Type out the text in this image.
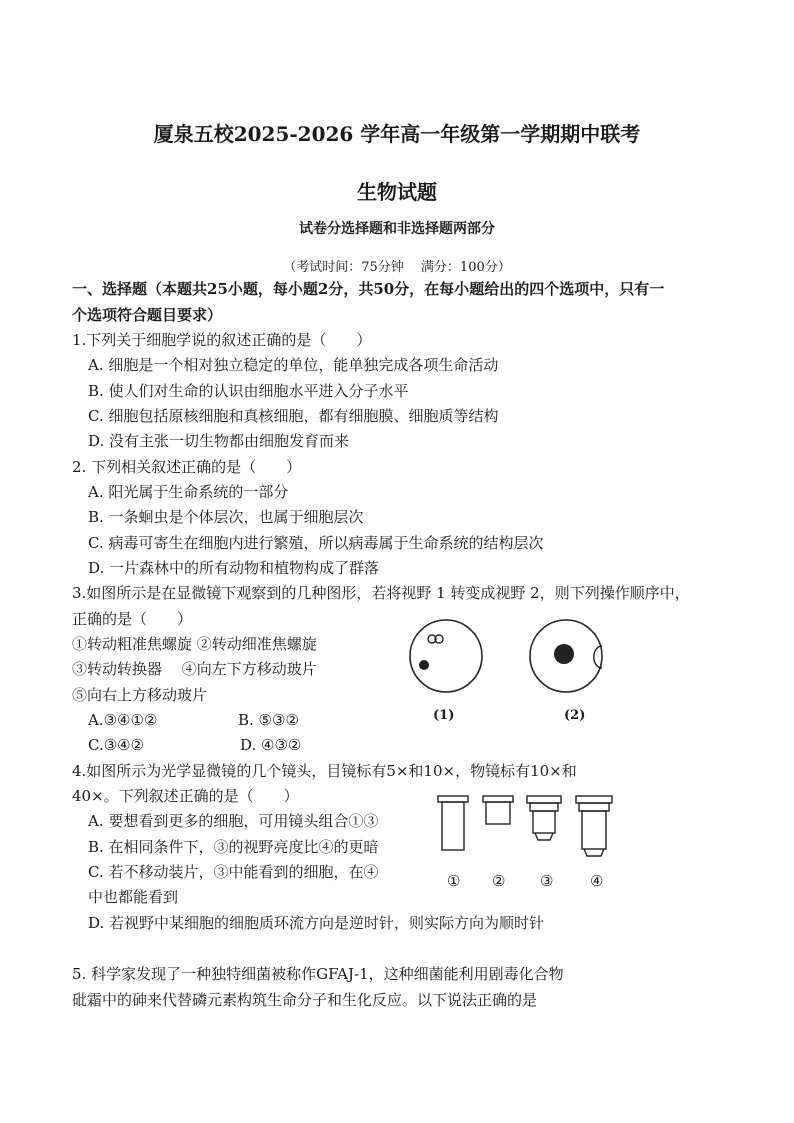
厦泉五校2025-2026 学年高一年级第一学期期中联考
生物试题
试卷分选择题和非选择题两部分
（考试时间：75分钟　 满分：100分）
一、选择题（本题共25小题，每小题2分，共50分，在每小题给出的四个选项中，只有一
个选项符合题目要求）
1.下列关于细胞学说的叙述正确的是（　　）
A. 细胞是一个相对独立稳定的单位，能单独完成各项生命活动
B. 使人们对生命的认识由细胞水平进入分子水平
C. 细胞包括原核细胞和真核细胞，都有细胞膜、细胞质等结构
D. 没有主张一切生物都由细胞发育而来
2. 下列相关叙述正确的是（　　）
A. 阳光属于生命系统的一部分
B. 一条蛔虫是个体层次，也属于细胞层次
C. 病毒可寄生在细胞内进行繁殖，所以病毒属于生命系统的结构层次
D. 一片森林中的所有动物和植物构成了群落
3.如图所示是在显微镜下观察到的几种图形，若将视野 1 转变成视野 2，则下列操作顺序中，
正确的是（　　）
①转动粗准焦螺旋 ②转动细准焦螺旋
③转动转换器　 ④向左下方移动玻片
⑤向右上方移动玻片
A.③④①②	B. ⑤③②
C.③④②	D. ④③②
(1)	(2)
4.如图所示为光学显微镜的几个镜头，目镜标有5×和10×，物镜标有10×和
40×。下列叙述正确的是（　　）
A. 要想看到更多的细胞，可用镜头组合①③
B. 在相同条件下，③的视野亮度比④的更暗
C. 若不移动装片，③中能看到的细胞，在④
中也都能看到
D. 若视野中某细胞的细胞质环流方向是逆时针，则实际方向为顺时针
① ② ③ ④
5. 科学家发现了一种独特细菌被称作GFAJ-1，这种细菌能利用剧毒化合物
砒霜中的砷来代替磷元素构筑生命分子和生化反应。以下说法正确的是
